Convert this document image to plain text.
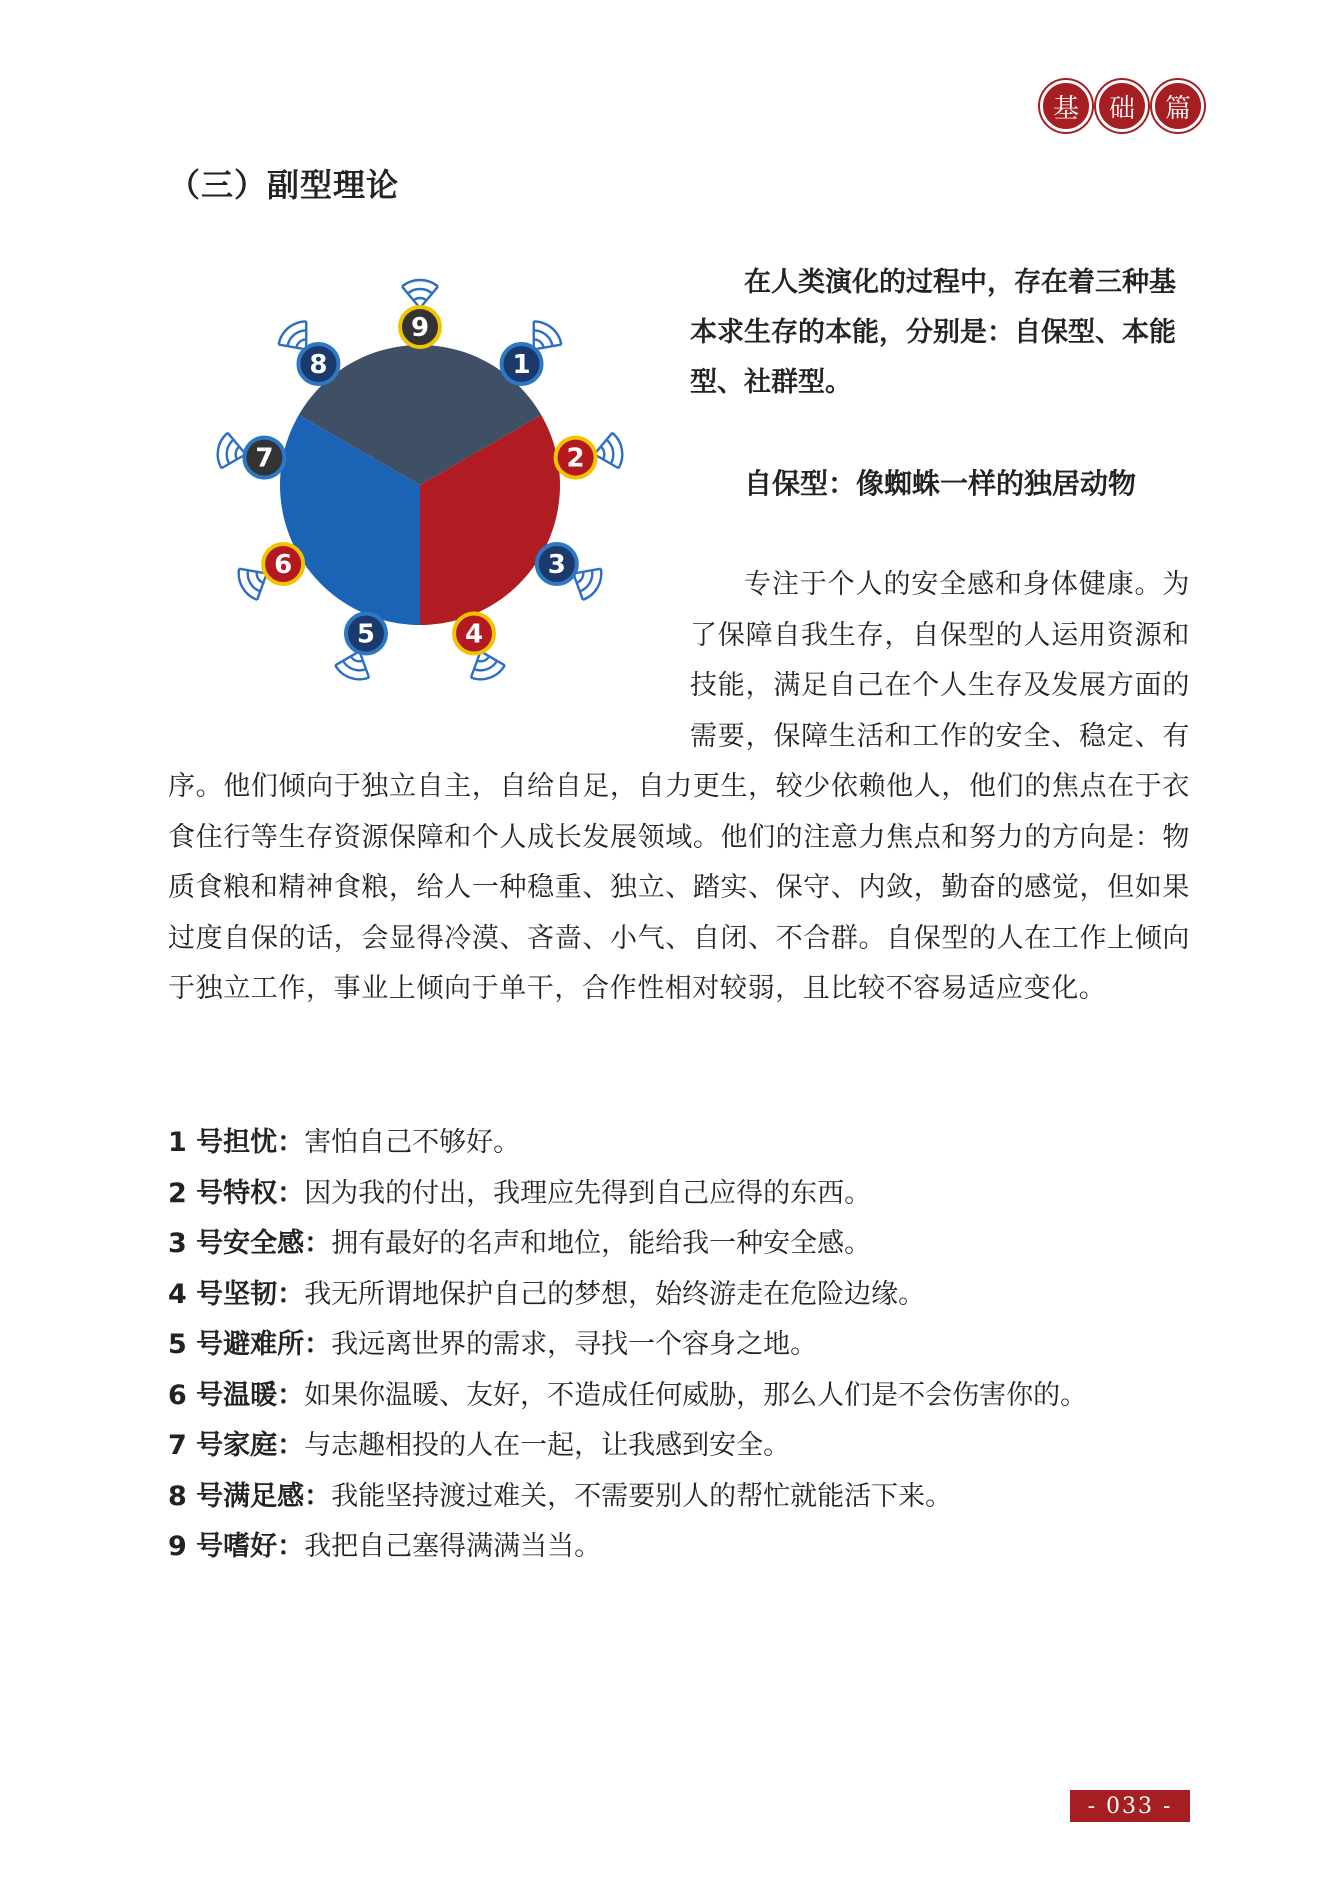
基	础	篇
（三）副型理论
1
2
3
4
5
6
7
8
9
在人类演化的过程中，存在着三种基本求生存的本能，分别是：自保型、本能型、社群型。
自保型：像蜘蛛一样的独居动物

专注于个人的安全感和身体健康。为了保障自我生存，自保型的人运用资源和技能，满足自己在个人生存及发展方面的需要，保障生活和工作的安全、稳定、有序。他们倾向于独立自主，自给自足，自力更生，较少依赖他人，他们的焦点在于衣食住行等生存资源保障和个人成长发展领域。他们的注意力焦点和努力的方向是：物质食粮和精神食粮，给人一种稳重、独立、踏实、保守、内敛，勤奋的感觉，但如果过度自保的话，会显得冷漠、吝啬、小气、自闭、不合群。自保型的人在工作上倾向于独立工作，事业上倾向于单干，合作性相对较弱，且比较不容易适应变化。

1 号担忧：害怕自己不够好。
2 号特权：因为我的付出，我理应先得到自己应得的东西。
3 号安全感：拥有最好的名声和地位，能给我一种安全感。
4 号坚韧：我无所谓地保护自己的梦想，始终游走在危险边缘。
5 号避难所：我远离世界的需求，寻找一个容身之地。
6 号温暖：如果你温暖、友好，不造成任何威胁，那么人们是不会伤害你的。
7 号家庭：与志趣相投的人在一起，让我感到安全。
8 号满足感：我能坚持渡过难关，不需要别人的帮忙就能活下来。
9 号嗜好：我把自己塞得满满当当。
- 033 -
